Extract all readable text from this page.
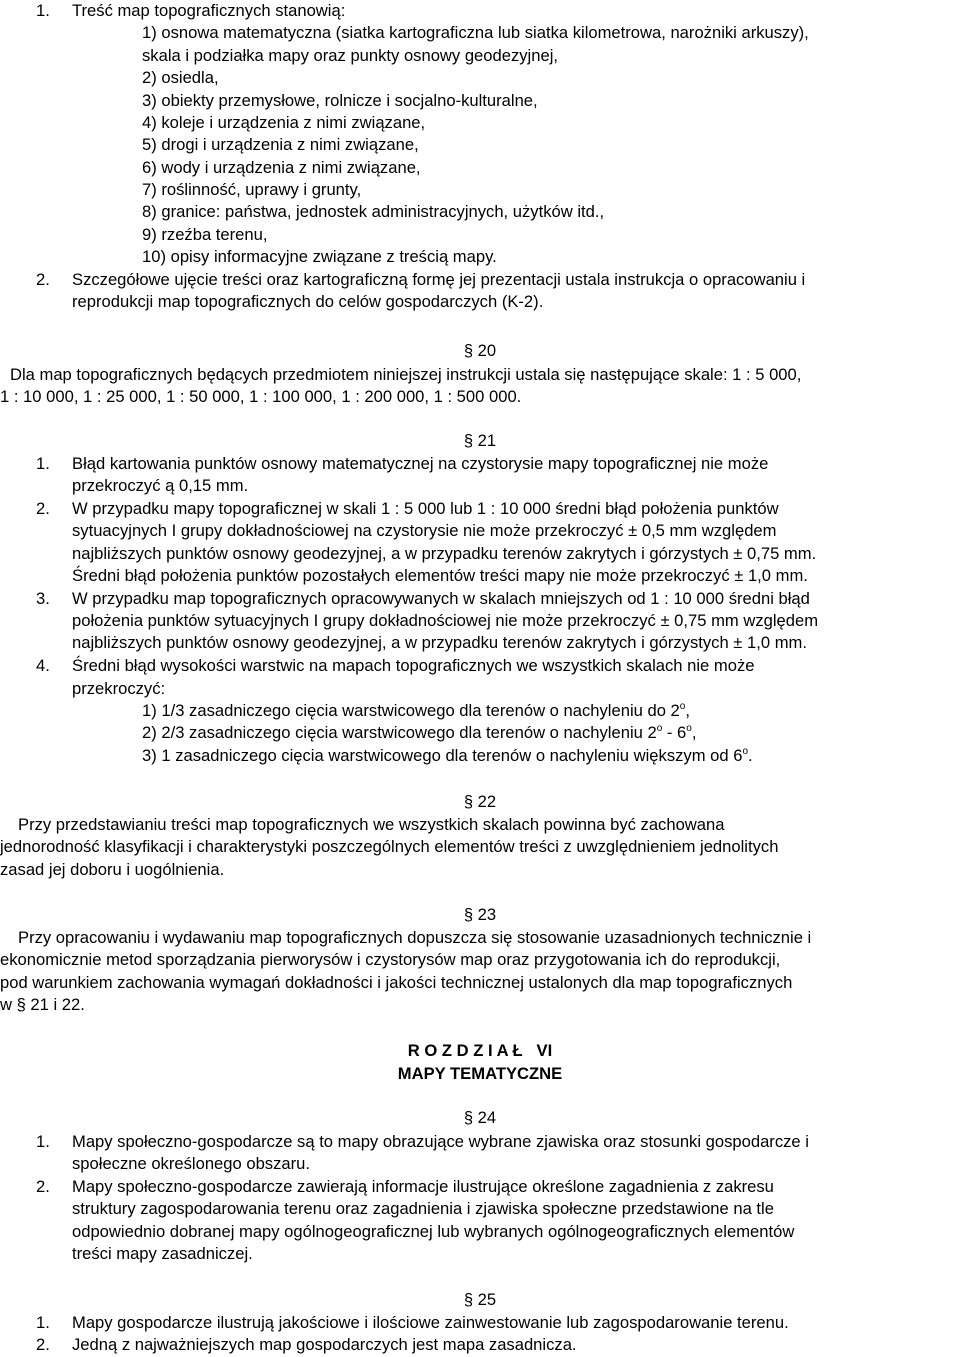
1. Treść map topograficznych stanowią:
1) osnowa matematyczna (siatka kartograficzna lub siatka kilometrowa, narożniki arkuszy),
skala i podziałka mapy oraz punkty osnowy geodezyjnej,
2) osiedla,
3) obiekty przemysłowe, rolnicze i socjalno-kulturalne,
4) koleje i urządzenia z nimi związane,
5) drogi i urządzenia z nimi związane,
6) wody i urządzenia z nimi związane,
7) roślinność, uprawy i grunty,
8) granice: państwa, jednostek administracyjnych, użytków itd.,
9) rzeźba terenu,
10) opisy informacyjne związane z treścią mapy.
2. Szczegółowe ujęcie treści oraz kartograficzną formę jej prezentacji ustala instrukcja o opracowaniu i
reprodukcji map topograficznych do celów gospodarczych (K-2).
§ 20
Dla map topograficznych będących przedmiotem niniejszej instrukcji ustala się następujące skale: 1 : 5 000,
1 : 10 000, 1 : 25 000, 1 : 50 000, 1 : 100 000, 1 : 200 000, 1 : 500 000.
§ 21
1. Błąd kartowania punktów osnowy matematycznej na czystorysie mapy topograficznej nie może
przekroczyć ą 0,15 mm.
2. W przypadku mapy topograficznej w skali 1 : 5 000 lub 1 : 10 000 średni błąd położenia punktów
sytuacyjnych I grupy dokładnościowej na czystorysie nie może przekroczyć ± 0,5 mm względem
najbliższych punktów osnowy geodezyjnej, a w przypadku terenów zakrytych i górzystych ± 0,75 mm.
Średni błąd położenia punktów pozostałych elementów treści mapy nie może przekroczyć ± 1,0 mm.
3. W przypadku map topograficznych opracowywanych w skalach mniejszych od 1 : 10 000 średni błąd
położenia punktów sytuacyjnych I grupy dokładnościowej nie może przekroczyć ± 0,75 mm względem
najbliższych punktów osnowy geodezyjnej, a w przypadku terenów zakrytych i górzystych ± 1,0 mm.
4. Średni błąd wysokości warstwic na mapach topograficznych we wszystkich skalach nie może
przekroczyć:
1) 1/3 zasadniczego cięcia warstwicowego dla terenów o nachyleniu do 2$^o$,
2) 2/3 zasadniczego cięcia warstwicowego dla terenów o nachyleniu 2$^o$ - 6$^o$,
3) 1 zasadniczego cięcia warstwicowego dla terenów o nachyleniu większym od 6$^o$.
§ 22
Przy przedstawianiu treści map topograficznych we wszystkich skalach powinna być zachowana
jednorodność klasyfikacji i charakterystyki poszczególnych elementów treści z uwzględnieniem jednolitych
zasad jej doboru i uogólnienia.
§ 23
Przy opracowaniu i wydawaniu map topograficznych dopuszcza się stosowanie uzasadnionych technicznie i
ekonomicznie metod sporządzania pierworysów i czystorysów map oraz przygotowania ich do reprodukcji,
pod warunkiem zachowania wymagań dokładności i jakości technicznej ustalonych dla map topograficznych
w § 21 i 22.
R O Z D Z I A Ł   VI
MAPY TEMATYCZNE
§ 24
1. Mapy społeczno-gospodarcze są to mapy obrazujące wybrane zjawiska oraz stosunki gospodarcze i
społeczne określonego obszaru.
2. Mapy społeczno-gospodarcze zawierają informacje ilustrujące określone zagadnienia z zakresu
struktury zagospodarowania terenu oraz zagadnienia i zjawiska społeczne przedstawione na tle
odpowiednio dobranej mapy ogólnogeograficznej lub wybranych ogólnogeograficznych elementów
treści mapy zasadniczej.
§ 25
1. Mapy gospodarcze ilustrują jakościowe i ilościowe zainwestowanie lub zagospodarowanie terenu.
2. Jedną z najważniejszych map gospodarczych jest mapa zasadnicza.
